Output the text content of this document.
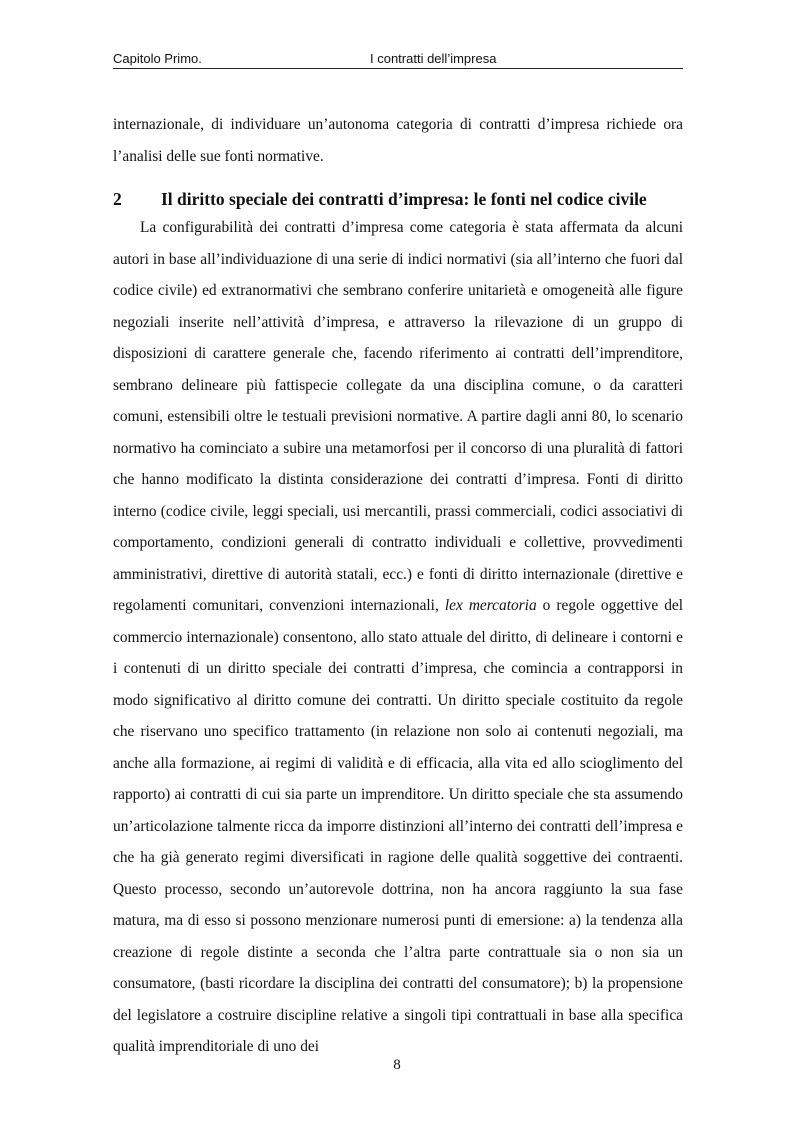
Capitolo Primo.	I contratti dell’impresa

internazionale, di individuare un’autonoma categoria di contratti d’impresa richiede ora l’analisi delle sue fonti normative.

2 Il diritto speciale dei contratti d’impresa: le fonti nel codice civile

La configurabilità dei contratti d’impresa come categoria è stata affermata da alcuni autori in base all’individuazione di una serie di indici normativi (sia all’interno che fuori dal codice civile) ed extranormativi che sembrano conferire unitarietà e omogeneità alle figure negoziali inserite nell’attività d’impresa, e attraverso la rilevazione di un gruppo di disposizioni di carattere generale che, facendo riferimento ai contratti dell’imprenditore, sembrano delineare più fattispecie collegate da una disciplina comune, o da caratteri comuni, estensibili oltre le testuali previsioni normative. A partire dagli anni 80, lo scenario normativo ha cominciato a subire una metamorfosi per il concorso di una pluralità di fattori che hanno modificato la distinta considerazione dei contratti d’impresa. Fonti di diritto interno (codice civile, leggi speciali, usi mercantili, prassi commerciali, codici associativi di comportamento, condizioni generali di contratto individuali e collettive, provvedimenti amministrativi, direttive di autorità statali, ecc.) e fonti di diritto internazionale (direttive e regolamenti comunitari, convenzioni internazionali, lex mercatoria o regole oggettive del commercio internazionale) consentono, allo stato attuale del diritto, di delineare i contorni e i contenuti di un diritto speciale dei contratti d’impresa, che comincia a contrapporsi in modo significativo al diritto comune dei contratti. Un diritto speciale costituito da regole che riservano uno specifico trattamento (in relazione non solo ai contenuti negoziali, ma anche alla formazione, ai regimi di validità e di efficacia, alla vita ed allo scioglimento del rapporto) ai contratti di cui sia parte un imprenditore. Un diritto speciale che sta assumendo un’articolazione talmente ricca da imporre distinzioni all’interno dei contratti dell’impresa e che ha già generato regimi diversificati in ragione delle qualità soggettive dei contraenti. Questo processo, secondo un’autorevole dottrina, non ha ancora raggiunto la sua fase matura, ma di esso si possono menzionare numerosi punti di emersione: a) la tendenza alla creazione di regole distinte a seconda che l’altra parte contrattuale sia o non sia un consumatore, (basti ricordare la disciplina dei contratti del consumatore); b) la propensione del legislatore a costruire discipline relative a singoli tipi contrattuali in base alla specifica qualità imprenditoriale di uno dei

8
